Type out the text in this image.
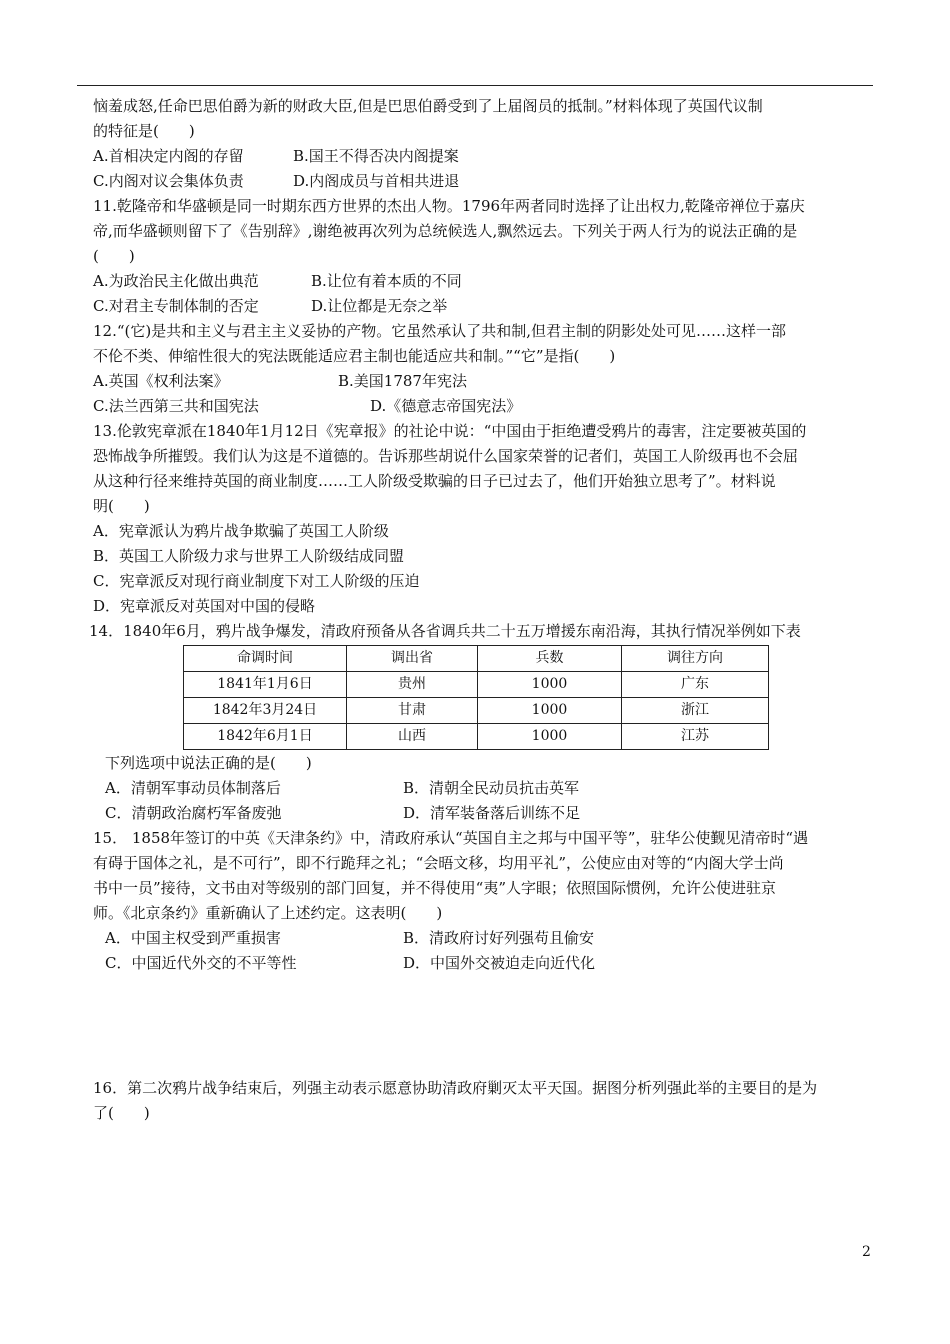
恼羞成怒,任命巴思伯爵为新的财政大臣,但是巴思伯爵受到了上届阁员的抵制。”材料体现了英国代议制

的特征是(　　)

A.首相决定内阁的存留	B.国王不得否决内阁提案
C.内阁对议会集体负责	D.内阁成员与首相共进退

11.乾隆帝和华盛顿是同一时期东西方世界的杰出人物。1796年两者同时选择了让出权力,乾隆帝禅位于嘉庆

帝,而华盛顿则留下了《告别辞》,谢绝被再次列为总统候选人,飘然远去。下列关于两人行为的说法正确的是

(　　)

A.为政治民主化做出典范	B.让位有着本质的不同
C.对君主专制体制的否定	D.让位都是无奈之举

12.“(它)是共和主义与君主主义妥协的产物。它虽然承认了共和制,但君主制的阴影处处可见……这样一部

不伦不类、伸缩性很大的宪法既能适应君主制也能适应共和制。”“它”是指(　　)

A.英国《权利法案》	B.美国1787年宪法
C.法兰西第三共和国宪法	D.《德意志帝国宪法》

13.伦敦宪章派在1840年1月12日《宪章报》的社论中说：“中国由于拒绝遭受鸦片的毒害，注定要被英国的

恐怖战争所摧毁。我们认为这是不道德的。告诉那些胡说什么国家荣誉的记者们，英国工人阶级再也不会屈

从这种行径来维持英国的商业制度……工人阶级受欺骗的日子已过去了，他们开始独立思考了”。材料说

明(　　)

A．宪章派认为鸦片战争欺骗了英国工人阶级

B．英国工人阶级力求与世界工人阶级结成同盟

C．宪章派反对现行商业制度下对工人阶级的压迫

D．宪章派反对英国对中国的侵略

14．1840年6月，鸦片战争爆发，清政府预备从各省调兵共二十五万增援东南沿海，其执行情况举例如下表

命调时间	调出省	兵数	调往方向
1841年1月6日	贵州	1000	广东
1842年3月24日	甘肃	1000	浙江
1842年6月1日	山西	1000	江苏

下列选项中说法正确的是(　　)

A．清朝军事动员体制落后	B．清朝全民动员抗击英军
C．清朝政治腐朽军备废弛	D．清军装备落后训练不足

15． 1858年签订的中英《天津条约》中，清政府承认“英国自主之邦与中国平等”，驻华公使觐见清帝时“遇

有碍于国体之礼，是不可行”，即不行跪拜之礼；“会晤文移，均用平礼”，公使应由对等的“内阁大学士尚

书中一员”接待，文书由对等级别的部门回复，并不得使用“夷”人字眼；依照国际惯例，允许公使进驻京

师。《北京条约》重新确认了上述约定。这表明(　　)

A．中国主权受到严重损害	B．清政府讨好列强苟且偷安
C．中国近代外交的不平等性	D．中国外交被迫走向近代化

16．第二次鸦片战争结束后，列强主动表示愿意协助清政府剿灭太平天国。据图分析列强此举的主要目的是为

了(　　)

2
